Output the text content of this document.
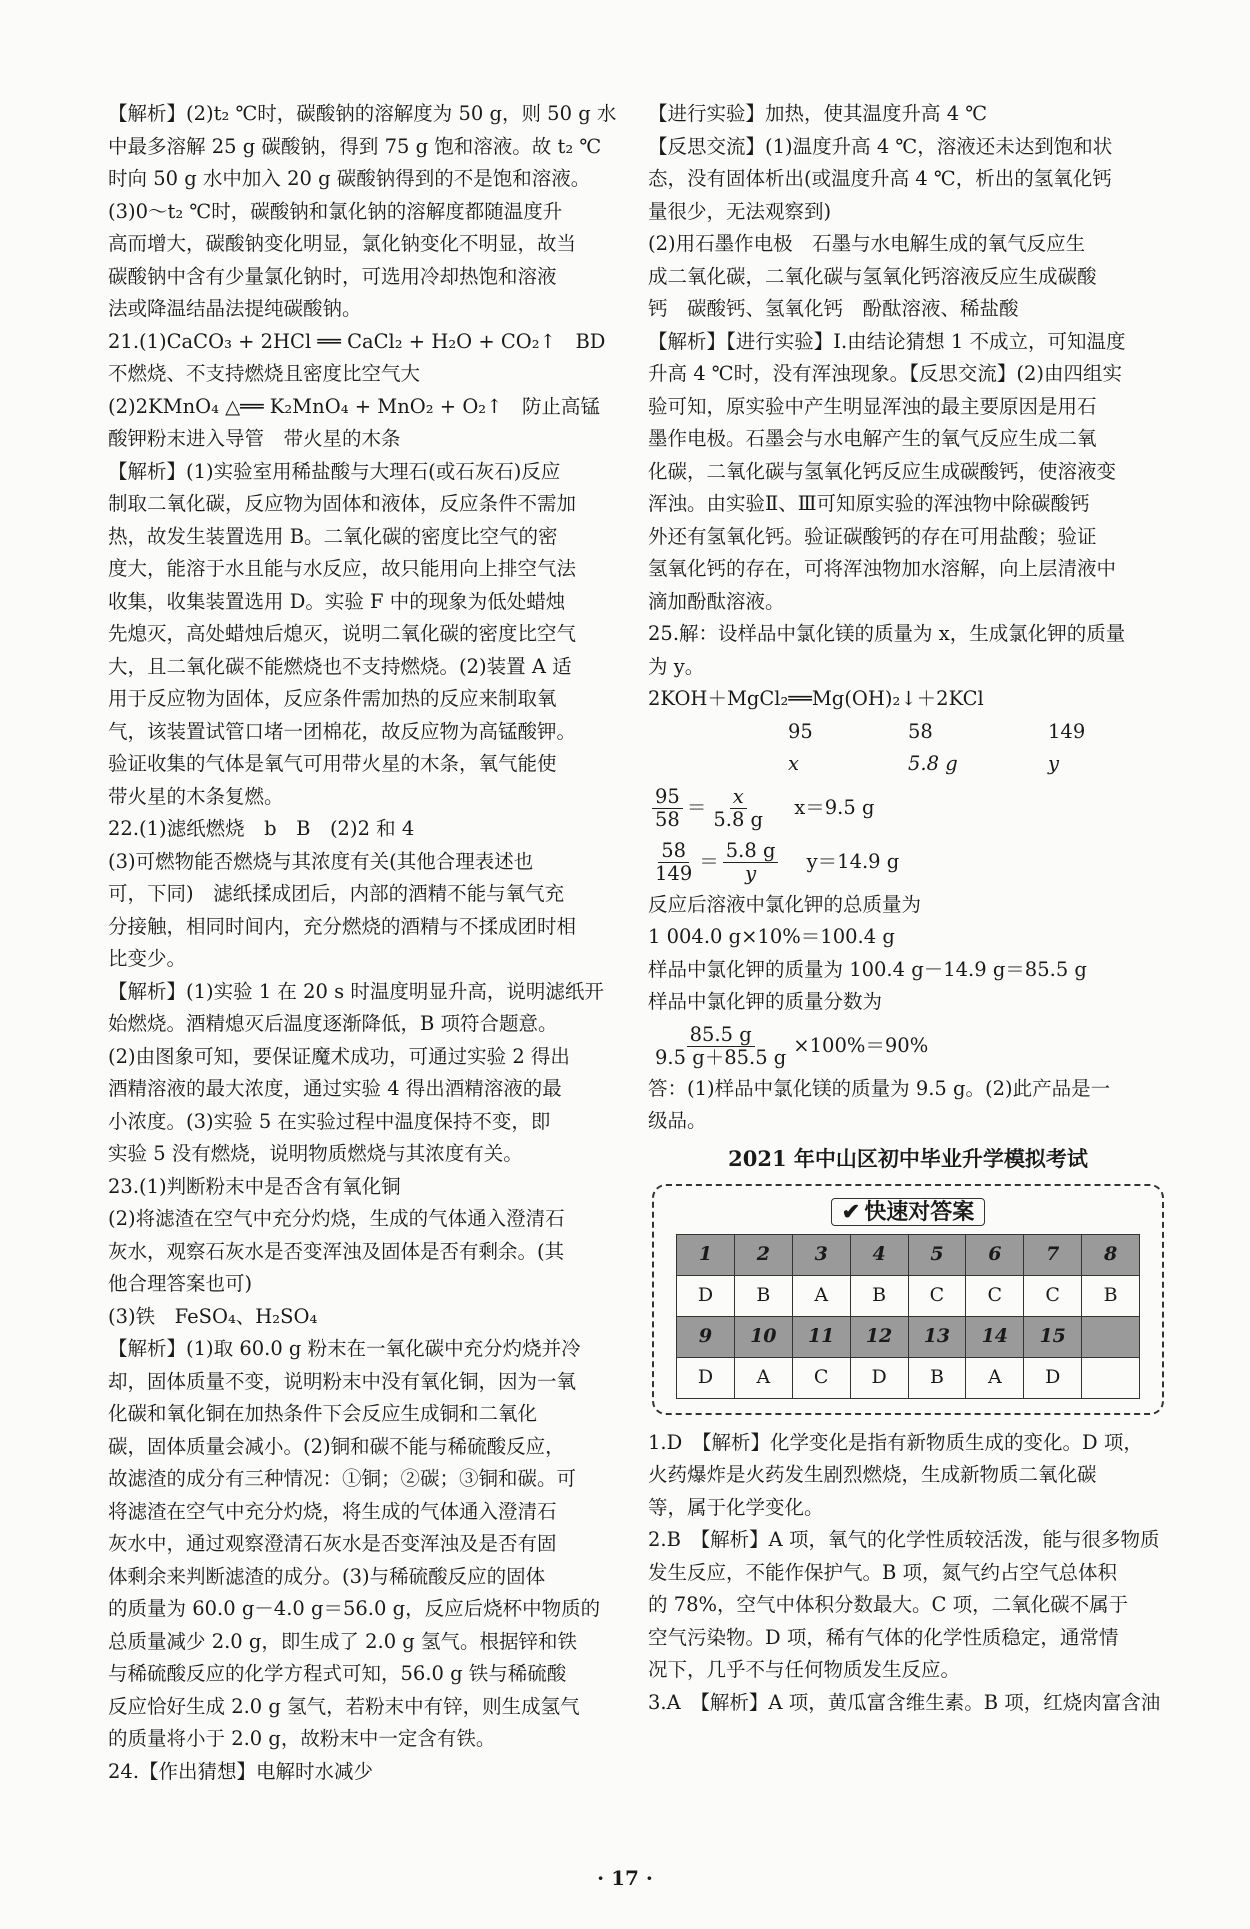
【解析】(2)t₂ ℃时，碳酸钠的溶解度为 50 g，则 50 g 水
中最多溶解 25 g 碳酸钠，得到 75 g 饱和溶液。故 t₂ ℃
时向 50 g 水中加入 20 g 碳酸钠得到的不是饱和溶液。
(3)0～t₂ ℃时，碳酸钠和氯化钠的溶解度都随温度升
高而增大，碳酸钠变化明显，氯化钠变化不明显，故当
碳酸钠中含有少量氯化钠时，可选用冷却热饱和溶液
法或降温结晶法提纯碳酸钠。
21.(1)CaCO₃ + 2HCl ══ CaCl₂ + H₂O + CO₂↑　BD
不燃烧、不支持燃烧且密度比空气大
(2)2KMnO₄ △══ K₂MnO₄ + MnO₂ + O₂↑　防止高锰
酸钾粉末进入导管　带火星的木条
【解析】(1)实验室用稀盐酸与大理石(或石灰石)反应
制取二氧化碳，反应物为固体和液体，反应条件不需加
热，故发生装置选用 B。二氧化碳的密度比空气的密
度大，能溶于水且能与水反应，故只能用向上排空气法
收集，收集装置选用 D。实验 F 中的现象为低处蜡烛
先熄灭，高处蜡烛后熄灭，说明二氧化碳的密度比空气
大，且二氧化碳不能燃烧也不支持燃烧。(2)装置 A 适
用于反应物为固体，反应条件需加热的反应来制取氧
气，该装置试管口堵一团棉花，故反应物为高锰酸钾。
验证收集的气体是氧气可用带火星的木条，氧气能使
带火星的木条复燃。
22.(1)滤纸燃烧　b　B　(2)2 和 4
(3)可燃物能否燃烧与其浓度有关(其他合理表述也
可，下同)　滤纸揉成团后，内部的酒精不能与氧气充
分接触，相同时间内，充分燃烧的酒精与不揉成团时相
比变少。
【解析】(1)实验 1 在 20 s 时温度明显升高，说明滤纸开
始燃烧。酒精熄灭后温度逐渐降低，B 项符合题意。
(2)由图象可知，要保证魔术成功，可通过实验 2 得出
酒精溶液的最大浓度，通过实验 4 得出酒精溶液的最
小浓度。(3)实验 5 在实验过程中温度保持不变，即
实验 5 没有燃烧，说明物质燃烧与其浓度有关。
23.(1)判断粉末中是否含有氧化铜
(2)将滤渣在空气中充分灼烧，生成的气体通入澄清石
灰水，观察石灰水是否变浑浊及固体是否有剩余。(其
他合理答案也可)
(3)铁　FeSO₄、H₂SO₄
【解析】(1)取 60.0 g 粉末在一氧化碳中充分灼烧并冷
却，固体质量不变，说明粉末中没有氧化铜，因为一氧
化碳和氧化铜在加热条件下会反应生成铜和二氧化
碳，固体质量会减小。(2)铜和碳不能与稀硫酸反应，
故滤渣的成分有三种情况：①铜；②碳；③铜和碳。可
将滤渣在空气中充分灼烧，将生成的气体通入澄清石
灰水中，通过观察澄清石灰水是否变浑浊及是否有固
体剩余来判断滤渣的成分。(3)与稀硫酸反应的固体
的质量为 60.0 g－4.0 g＝56.0 g，反应后烧杯中物质的
总质量减少 2.0 g，即生成了 2.0 g 氢气。根据锌和铁
与稀硫酸反应的化学方程式可知，56.0 g 铁与稀硫酸
反应恰好生成 2.0 g 氢气，若粉末中有锌，则生成氢气
的质量将小于 2.0 g，故粉末中一定含有铁。
24.【作出猜想】电解时水减少
【进行实验】加热，使其温度升高 4 ℃
【反思交流】(1)温度升高 4 ℃，溶液还未达到饱和状
态，没有固体析出(或温度升高 4 ℃，析出的氢氧化钙
量很少，无法观察到)
(2)用石墨作电极　石墨与水电解生成的氧气反应生
成二氧化碳，二氧化碳与氢氧化钙溶液反应生成碳酸
钙　碳酸钙、氢氧化钙　酚酞溶液、稀盐酸
【解析】【进行实验】Ⅰ.由结论猜想 1 不成立，可知温度
升高 4 ℃时，没有浑浊现象。【反思交流】(2)由四组实
验可知，原实验中产生明显浑浊的最主要原因是用石
墨作电极。石墨会与水电解产生的氧气反应生成二氧
化碳，二氧化碳与氢氧化钙反应生成碳酸钙，使溶液变
浑浊。由实验Ⅱ、Ⅲ可知原实验的浑浊物中除碳酸钙
外还有氢氧化钙。验证碳酸钙的存在可用盐酸；验证
氢氧化钙的存在，可将浑浊物加水溶解，向上层清液中
滴加酚酞溶液。
25.解：设样品中氯化镁的质量为 x，生成氯化钾的质量
为 y。
2KOH＋MgCl₂══Mg(OH)₂↓＋2KCl
95	58	149
x	5.8 g	y
$\frac{95}{58} = \frac{x}{5.8 g} x=9.5$ g
$\frac{58}{149} = \frac{5.8 g}{y} y=14.9$ g
反应后溶液中氯化钾的总质量为
1 004.0 g×10%＝100.4 g
样品中氯化钾的质量为 100.4 g－14.9 g＝85.5 g
样品中氯化钾的质量分数为
$\frac{85.5 g}{9.5 g+85.5 g} \times 100\%=90\%$
答：(1)样品中氯化镁的质量为 9.5 g。(2)此产品是一
级品。
2021 年中山区初中毕业升学模拟考试
✔ 快速对答案
1	2	3	4	5	6	7	8
D	B	A	B	C	C	C	B
9	10	11	12	13	14	15	
D	A	C	D	B	A	D	
1.D　【解析】化学变化是指有新物质生成的变化。D 项，
火药爆炸是火药发生剧烈燃烧，生成新物质二氧化碳
等，属于化学变化。
2.B　【解析】A 项，氧气的化学性质较活泼，能与很多物质
发生反应，不能作保护气。B 项，氮气约占空气总体积
的 78%，空气中体积分数最大。C 项，二氧化碳不属于
空气污染物。D 项，稀有气体的化学性质稳定，通常情
况下，几乎不与任何物质发生反应。
3.A　【解析】A 项，黄瓜富含维生素。B 项，红烧肉富含油
· 17 ·
